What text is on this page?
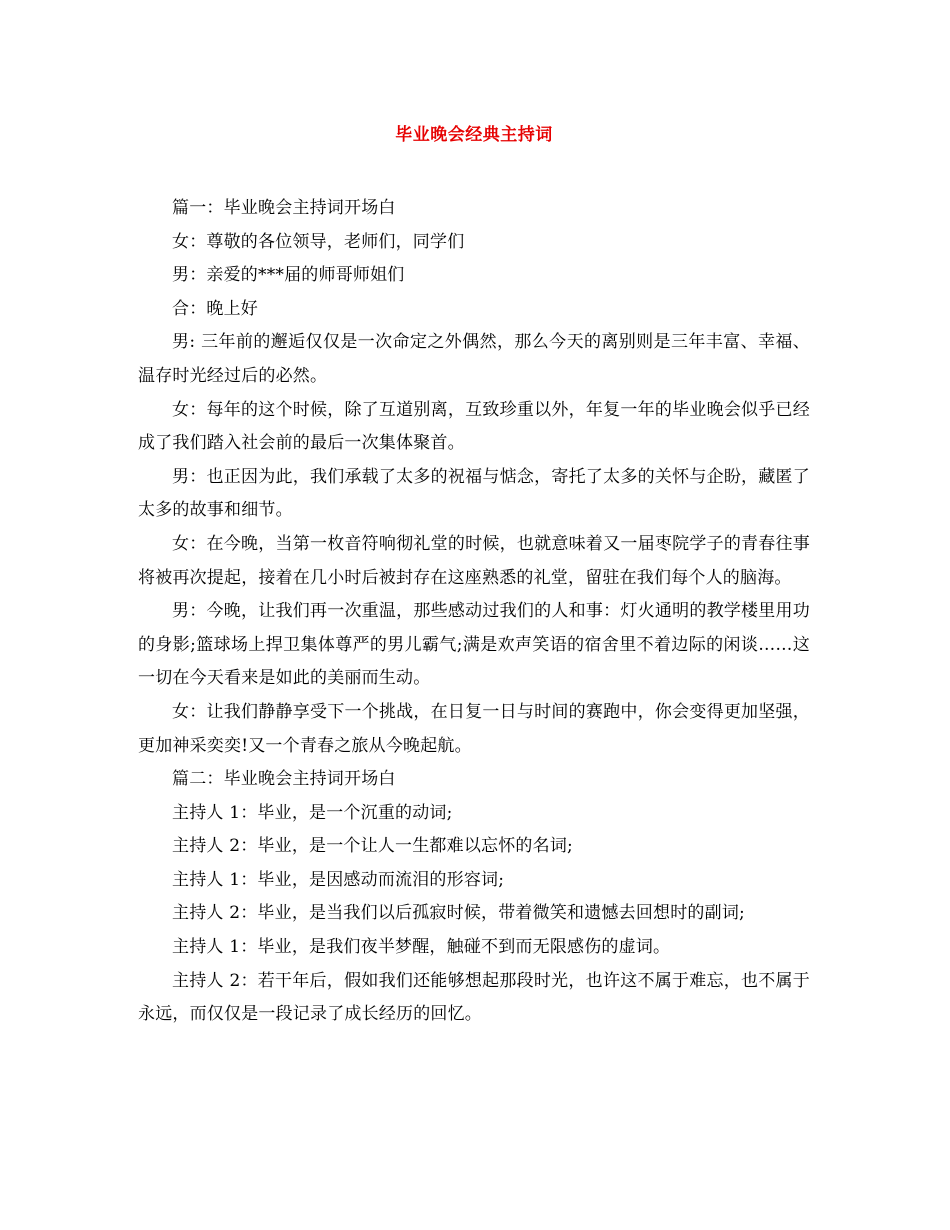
毕业晚会经典主持词

篇一：毕业晚会主持词开场白

女：尊敬的各位领导，老师们，同学们

男：亲爱的***届的师哥师姐们

合：晚上好

男: 三年前的邂逅仅仅是一次命定之外偶然，那么今天的离别则是三年丰富、幸福、温存时光经过后的必然。

女：每年的这个时候，除了互道别离，互致珍重以外，年复一年的毕业晚会似乎已经成了我们踏入社会前的最后一次集体聚首。

男：也正因为此，我们承载了太多的祝福与惦念，寄托了太多的关怀与企盼，藏匿了太多的故事和细节。

女：在今晚，当第一枚音符响彻礼堂的时候，也就意味着又一届枣院学子的青春往事将被再次提起，接着在几小时后被封存在这座熟悉的礼堂，留驻在我们每个人的脑海。

男：今晚，让我们再一次重温，那些感动过我们的人和事：灯火通明的教学楼里用功的身影;篮球场上捍卫集体尊严的男儿霸气;满是欢声笑语的宿舍里不着边际的闲谈……这一切在今天看来是如此的美丽而生动。

女：让我们静静享受下一个挑战，在日复一日与时间的赛跑中，你会变得更加坚强，更加神采奕奕!又一个青春之旅从今晚起航。

篇二：毕业晚会主持词开场白

主持人 1：毕业，是一个沉重的动词;

主持人 2：毕业，是一个让人一生都难以忘怀的名词;

主持人 1：毕业，是因感动而流泪的形容词;

主持人 2：毕业，是当我们以后孤寂时候，带着微笑和遗憾去回想时的副词;

主持人 1：毕业，是我们夜半梦醒，触碰不到而无限感伤的虚词。

主持人 2：若干年后，假如我们还能够想起那段时光，也许这不属于难忘，也不属于永远，而仅仅是一段记录了成长经历的回忆。
